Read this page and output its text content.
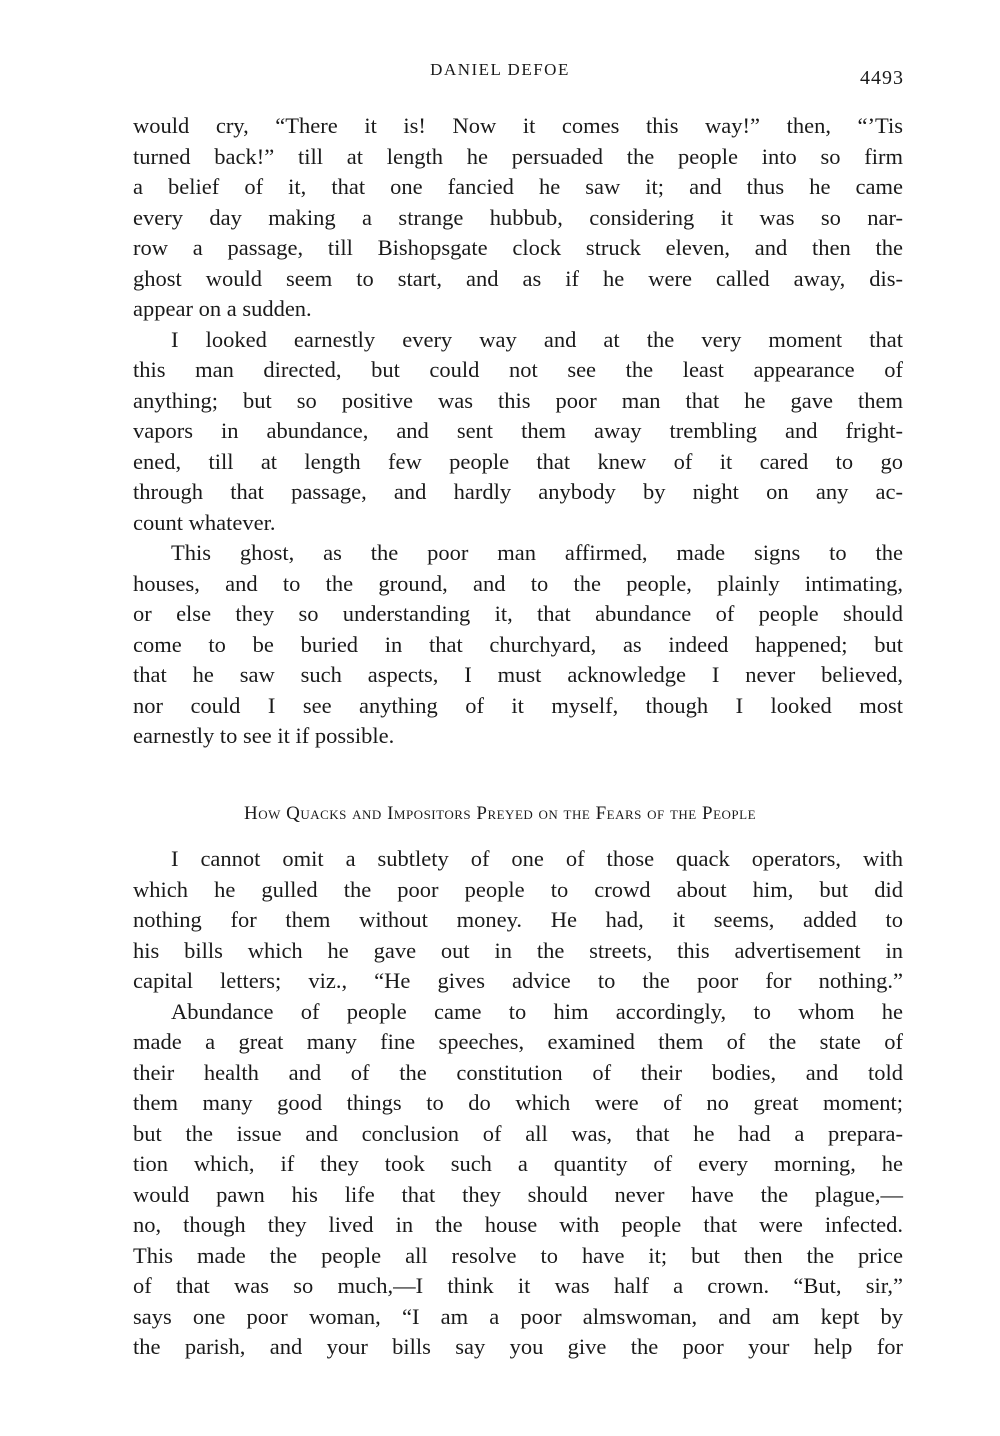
DANIEL DEFOE	4493
would cry, “There it is! Now it comes this way!” then, “’Tis
turned back!” till at length he persuaded the people into so firm
a belief of it, that one fancied he saw it; and thus he came
every day making a strange hubbub, considering it was so nar-
row a passage, till Bishopsgate clock struck eleven, and then the
ghost would seem to start, and as if he were called away, dis-
appear on a sudden.
I looked earnestly every way and at the very moment that
this man directed, but could not see the least appearance of
anything; but so positive was this poor man that he gave them
vapors in abundance, and sent them away trembling and fright-
ened, till at length few people that knew of it cared to go
through that passage, and hardly anybody by night on any ac-
count whatever.
This ghost, as the poor man affirmed, made signs to the
houses, and to the ground, and to the people, plainly intimating,
or else they so understanding it, that abundance of people should
come to be buried in that churchyard, as indeed happened; but
that he saw such aspects, I must acknowledge I never believed,
nor could I see anything of it myself, though I looked most
earnestly to see it if possible.
How Quacks and Impositors Preyed on the Fears of the People
I cannot omit a subtlety of one of those quack operators, with
which he gulled the poor people to crowd about him, but did
nothing for them without money. He had, it seems, added to
his bills which he gave out in the streets, this advertisement in
capital letters; viz., “He gives advice to the poor for nothing.”
Abundance of people came to him accordingly, to whom he
made a great many fine speeches, examined them of the state of
their health and of the constitution of their bodies, and told
them many good things to do which were of no great moment;
but the issue and conclusion of all was, that he had a prepara-
tion which, if they took such a quantity of every morning, he
would pawn his life that they should never have the plague,—
no, though they lived in the house with people that were infected.
This made the people all resolve to have it; but then the price
of that was so much,—I think it was half a crown. “But, sir,”
says one poor woman, “I am a poor almswoman, and am kept by
the parish, and your bills say you give the poor your help for
